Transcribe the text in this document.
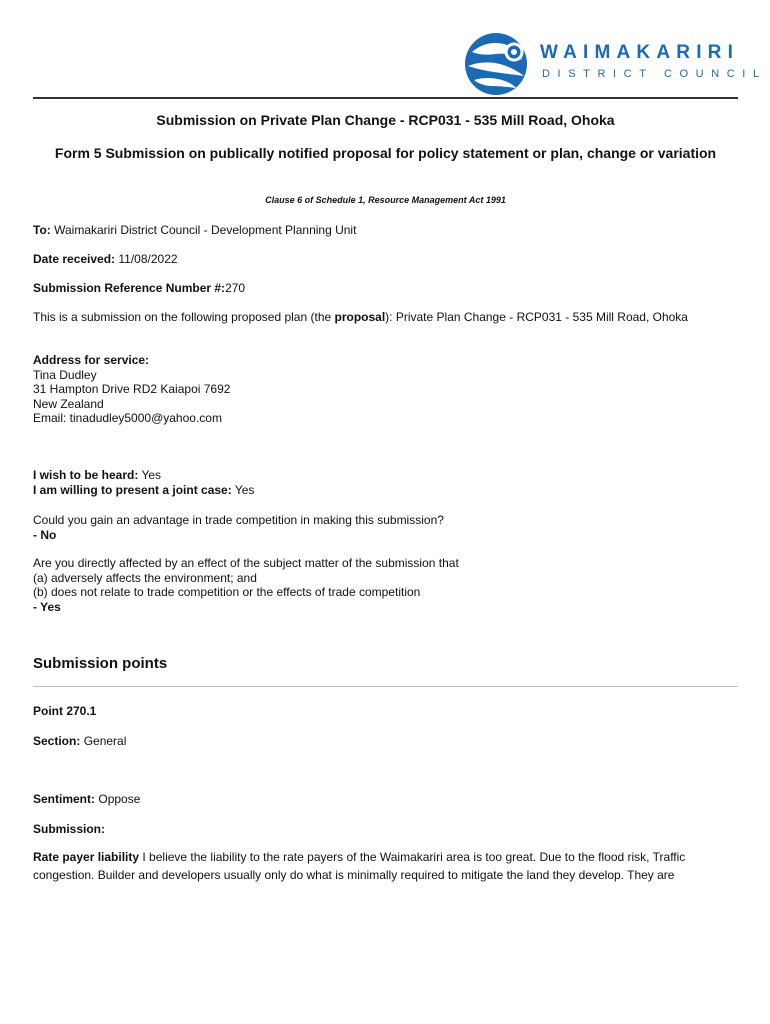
WAIMAKARIRI
DISTRICT COUNCIL
Submission on Private Plan Change - RCP031 - 535 Mill Road, Ohoka
Form 5 Submission on publically notified proposal for policy statement or plan, change or variation
Clause 6 of Schedule 1, Resource Management Act 1991
To: Waimakariri District Council - Development Planning Unit
Date received: 11/08/2022
Submission Reference Number #:270
This is a submission on the following proposed plan (the proposal): Private Plan Change - RCP031 - 535 Mill Road, Ohoka
Address for service:
Tina Dudley
31 Hampton Drive RD2 Kaiapoi 7692
New Zealand
Email: tinadudley5000@yahoo.com
I wish to be heard: Yes
I am willing to present a joint case: Yes
Could you gain an advantage in trade competition in making this submission?
- No
Are you directly affected by an effect of the subject matter of the submission that
(a) adversely affects the environment; and
(b) does not relate to trade competition or the effects of trade competition
- Yes
Submission points
Point 270.1
Section: General
Sentiment: Oppose
Submission:
Rate payer liability I believe the liability to the rate payers of the Waimakariri area is too great. Due to the flood risk, Traffic congestion. Builder and developers usually only do what is minimally required to mitigate the land they develop. They are
